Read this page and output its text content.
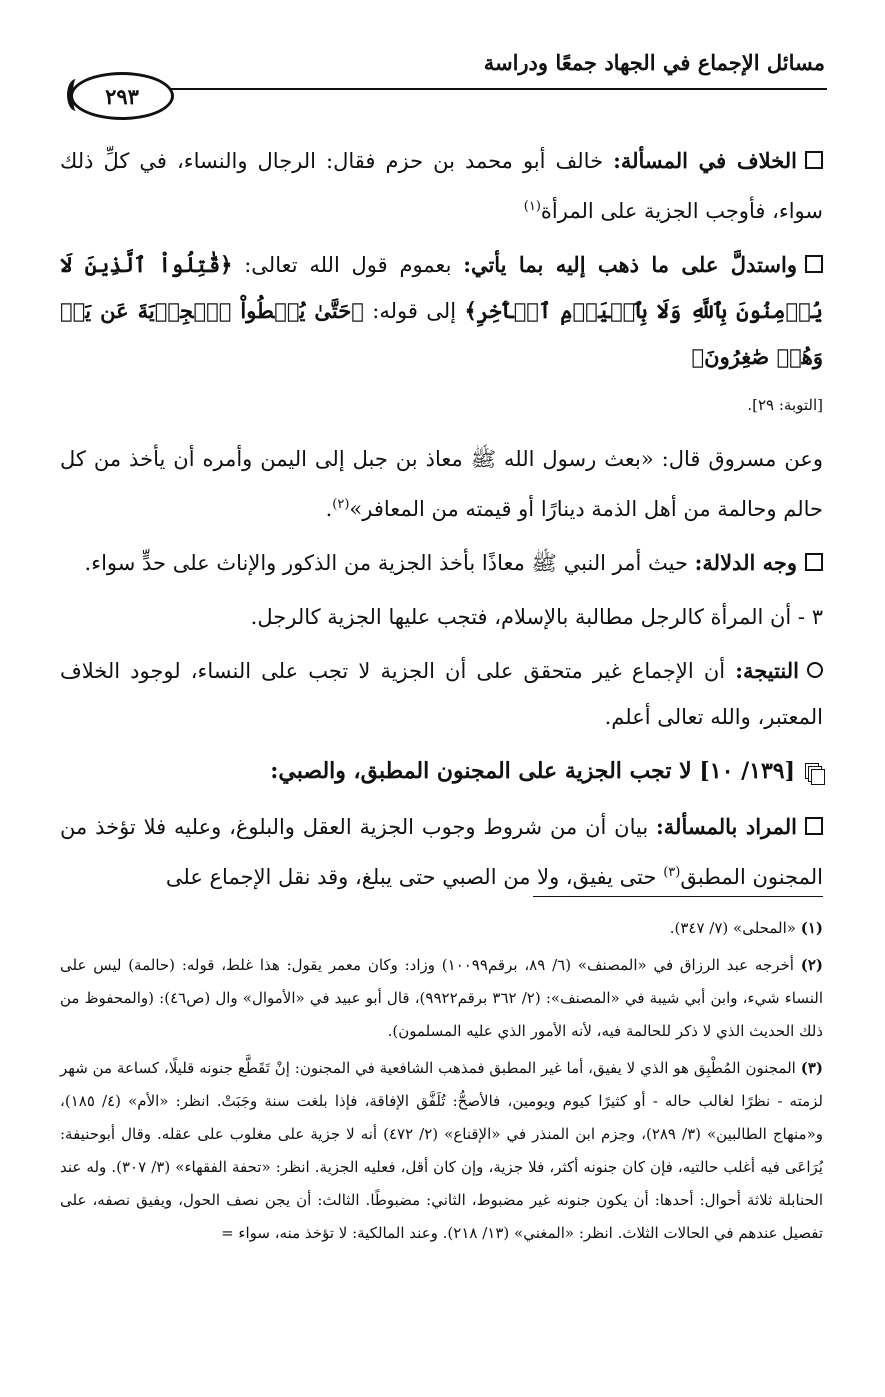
مسائل الإجماع في الجهاد جمعًا ودراسة
٢٩٣

الخلاف في المسألة: خالف أبو محمد بن حزم فقال: الرجال والنساء، في كلِّ ذلك سواء، فأوجب الجزية على المرأة$^{(١)}$

واستدلَّ على ما ذهب إليه بما يأتي: بعموم قول الله تعالى: ﴿قَٰتِلُواْ ٱلَّذِينَ لَا يُؤۡمِنُونَ بِٱللَّهِ وَلَا بِٱلۡيَوۡمِ ٱلۡأٓخِرِ﴾ إلى قوله: ﴿حَتَّىٰ يُعۡطُواْ ٱلۡجِزۡيَةَ عَن يَدٖ وَهُمۡ صَٰغِرُونَ﴾
[التوبة: ٢٩].

وعن مسروق قال: «بعث رسول الله ﷺ معاذ بن جبل إلى اليمن وأمره أن يأخذ من كل حالم وحالمة من أهل الذمة دينارًا أو قيمته من المعافر»$^{(٢)}$.

وجه الدلالة: حيث أمر النبي ﷺ معاذًا بأخذ الجزية من الذكور والإناث على حدٍّ سواء.

٣ - أن المرأة كالرجل مطالبة بالإسلام، فتجب عليها الجزية كالرجل.

النتيجة: أن الإجماع غير متحقق على أن الجزية لا تجب على النساء، لوجود الخلاف المعتبر، والله تعالى أعلم.

[١٣٩/ ١٠] لا تجب الجزية على المجنون المطبق، والصبي:

المراد بالمسألة: بيان أن من شروط وجوب الجزية العقل والبلوغ، وعليه فلا تؤخذ من المجنون المطبق$^{(٣)}$ حتى يفيق، ولا من الصبي حتى يبلغ، وقد نقل الإجماع على

(١) «المحلى» (٧/ ٣٤٧).

(٢) أخرجه عبد الرزاق في «المصنف» (٦/ ٨٩، برقم١٠٠٩٩) وزاد: وكان معمر يقول: هذا غلط، قوله: (حالمة) ليس على النساء شيء، وابن أبي شيبة في «المصنف»: (٢/ ٣٦٢ برقم٩٩٢٢)، قال أبو عبيد في «الأموال» وال (ص٤٦): (والمحفوظ من ذلك الحديث الذي لا ذكر للحالمة فيه، لأنه الأمور الذي عليه المسلمون).

(٣) المجنون المُطْبِق هو الذي لا يفيق، أما غير المطبق فمذهب الشافعية في المجنون: إنْ تَقَطَّع جنونه قليلًا، كساعة من شهر لزمته - نظرًا لغالب حاله - أو كثيرًا كيوم ويومين، فالأصحُّ: تُلَفَّق الإفاقة، فإذا بلغت سنة وجَبَتْ. انظر: «الأم» (٤/ ١٨٥)، و«منهاج الطالبين» (٣/ ٢٨٩)، وجزم ابن المنذر في «الإقناع» (٢/ ٤٧٢) أنه لا جزية على مغلوب على عقله. وقال أبوحنيفة: يُرَاعَى فيه أغلب حالتيه، فإن كان جنونه أكثر، فلا جزية، وإن كان أقل، فعليه الجزية. انظر: «تحفة الفقهاء» (٣/ ٣٠٧). وله عند الحنابلة ثلاثة أحوال: أحدها: أن يكون جنونه غير مضبوط، الثاني: مضبوطًا. الثالث: أن يجن نصف الحول، ويفيق نصفه، على تفصيل عندهم في الحالات الثلاث. انظر: «المغني» (١٣/ ٢١٨). وعند المالكية: لا تؤخذ منه، سواء =
